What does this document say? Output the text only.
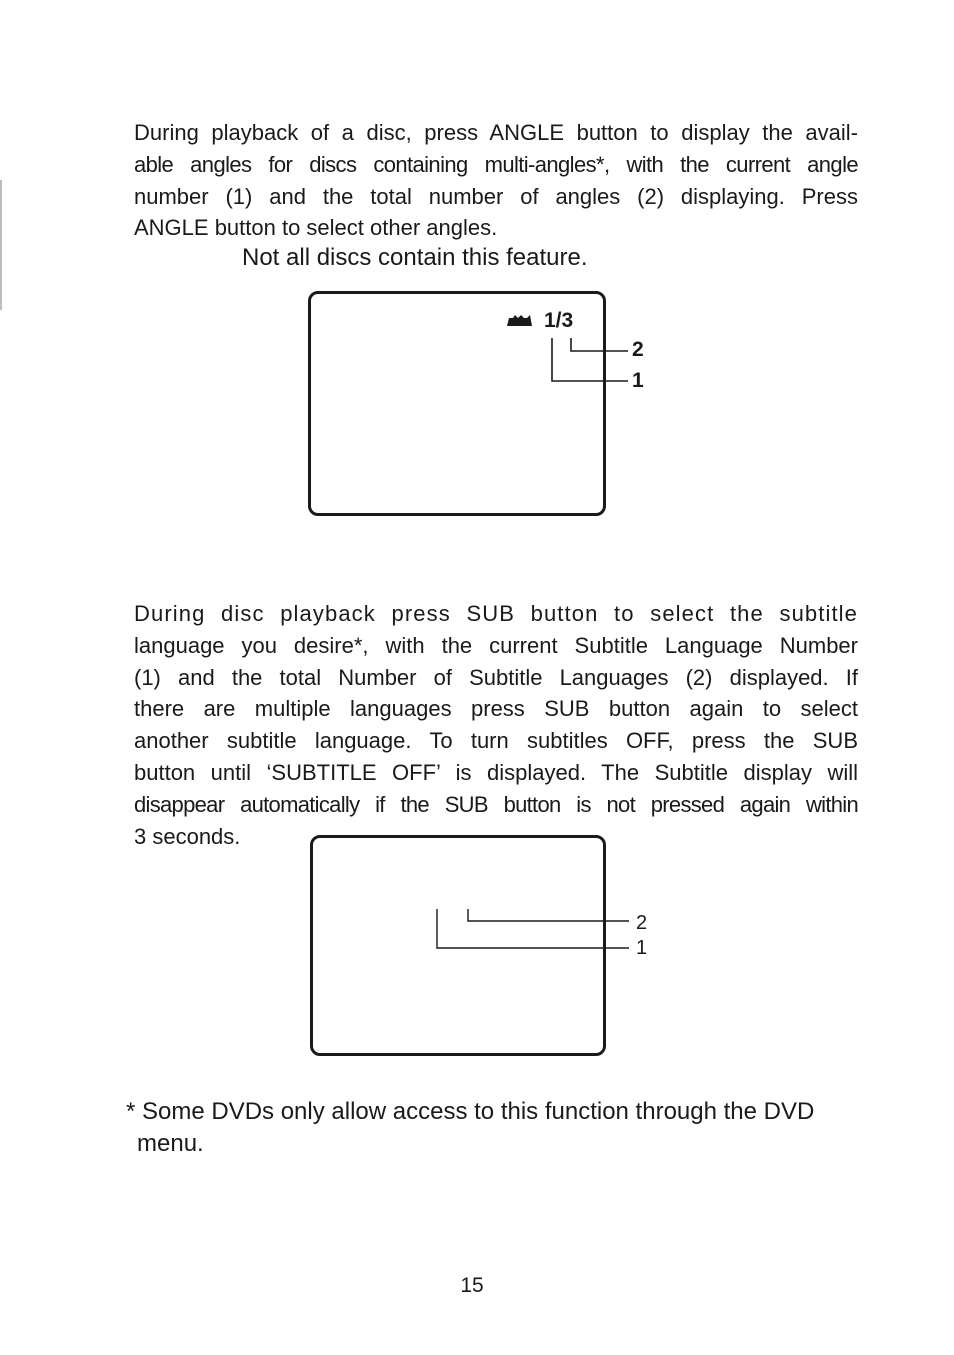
During playback of a disc, press ANGLE button to display the avail-
able angles for discs containing multi-angles*, with the current angle
number (1) and the total number of angles (2) displaying. Press
ANGLE button to select other angles.

Not all discs contain this feature.
1/3
2
1

During disc playback press SUB button to select the subtitle
language you desire*, with the current Subtitle Language Number
(1) and the total Number of Subtitle Languages (2) displayed. If
there are multiple languages press SUB button again to select
another subtitle language. To turn subtitles OFF, press the SUB
button until ‘SUBTITLE OFF’ is displayed. The Subtitle display will
disappear automatically if the SUB button is not pressed again within
3 seconds.

2
1

* Some DVDs only allow access to this function through the DVD
menu.

15
